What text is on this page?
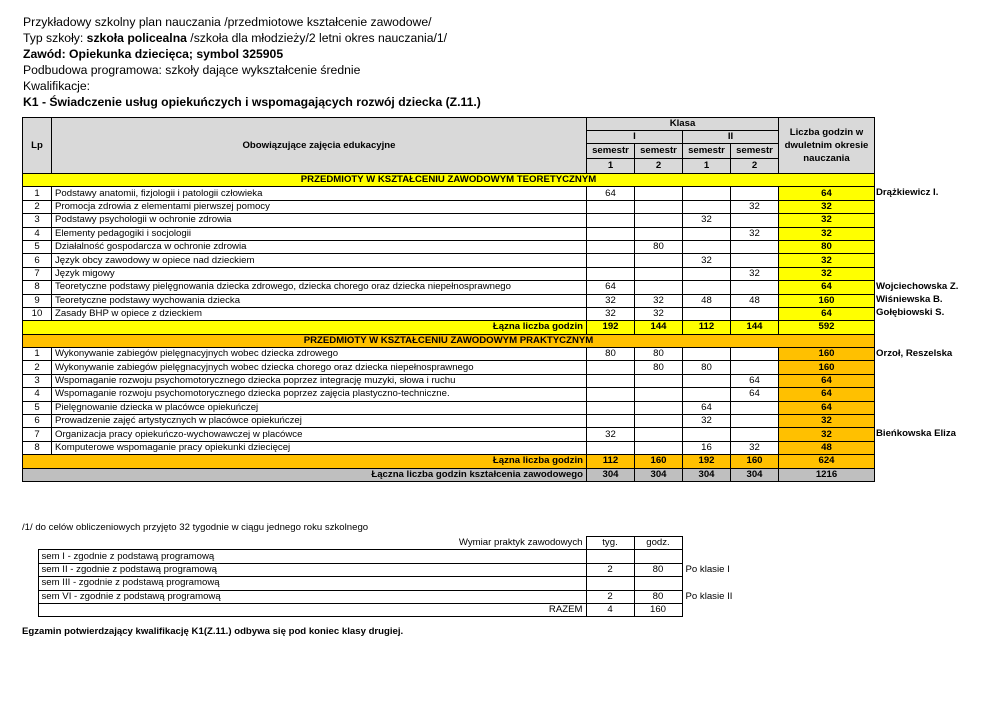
Przykładowy szkolny plan nauczania /przedmiotowe kształcenie zawodowe/
Typ szkoły: szkoła policealna /szkoła dla młodzieży/2 letni okres nauczania/1/
Zawód: Opiekunka dziecięca; symbol 325905
Podbudowa programowa: szkoły dające wykształcenie średnie
Kwalifikacje:
K1 - Świadczenie usług opiekuńczych i wspomagających rozwój dziecka (Z.11.)
Lp	Obowiązujące zajęcia edukacyjne	Klasa				Liczba godzin w dwuletnim okresie nauczania
		I		II		
		semestr	semestr	semestr	semestr	
		1	2	1	2	
PRZEDMIOTY W KSZTAŁCENIU ZAWODOWYM TEORETYCZNYM						
1	Podstawy anatomii, fizjologii i patologii człowieka	64				64
2	Promocja zdrowia z elementami pierwszej pomocy				32	32
3	Podstawy psychologii w ochronie zdrowia			32		32
4	Elementy pedagogiki i socjologii				32	32
5	Działalność gospodarcza w ochronie zdrowia		80			80
6	Język obcy zawodowy w opiece nad dzieckiem			32		32
7	Język migowy				32	32
8	Teoretyczne podstawy pielęgnowania dziecka zdrowego, dziecka chorego oraz dziecka niepełnosprawnego	64				64
9	Teoretyczne podstawy wychowania dziecka	32	32	48	48	160
10	Zasady BHP w opiece z dzieckiem	32	32			64
Łązna liczba godzin		192	144	112	144	592
PRZEDMIOTY W KSZTAŁCENIU ZAWODOWYM PRAKTYCZNYM						
1	Wykonywanie zabiegów pielęgnacyjnych wobec dziecka zdrowego	80	80			160
2	Wykonywanie zabiegów pielęgnacyjnych wobec dziecka chorego oraz dziecka niepełnosprawnego		80	80		160
3	Wspomaganie rozwoju psychomotorycznego dziecka poprzez integrację muzyki, słowa i ruchu				64	64
4	Wspomaganie rozwoju psychomotorycznego dziecka poprzez zajęcia plastyczno-techniczne.				64	64
5	Pielęgnowanie dziecka w placówce opiekuńczej			64		64
6	Prowadzenie zajęć artystycznych w placówce opiekuńczej			32		32
7	Organizacja pracy opiekuńczo-wychowawczej w placówce	32				32
8	Komputerowe wspomaganie pracy opiekunki dziecięcej			16	32	48
Łązna liczba godzin		112	160	192	160	624
Łączna liczba godzin kształcenia zawodowego		304	304	304	304	1216
Drążkiewicz I.
Wojciechowska Z.
Wiśniewska B.
Gołębiowski S.
Orzoł, Reszelska
Bieńkowska Eliza
/1/ do celów obliczeniowych przyjęto 32 tygodnie w ciągu jednego roku szkolnego
	Wymiar praktyk zawodowych	tyg.	godz.	
	sem I - zgodnie z podstawą programową			
	sem II - zgodnie z podstawą programową	2	80	Po klasie I
	sem III - zgodnie z podstawą programową			
	sem VI - zgodnie z podstawą programową	2	80	Po klasie II
	RAZEM	4	160	
Egzamin potwierdzający kwalifikację K1(Z.11.) odbywa się pod koniec klasy drugiej.
